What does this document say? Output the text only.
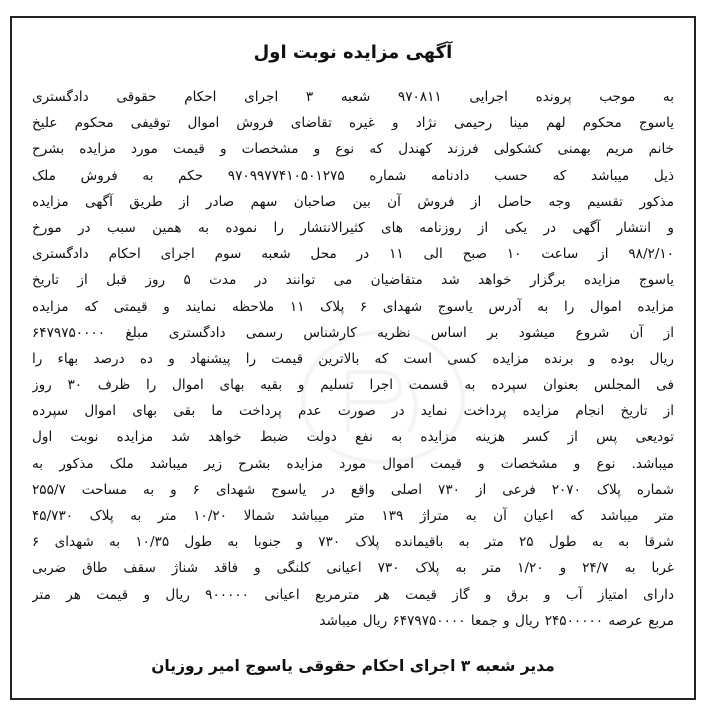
آگهی مزایده نوبت اول
به موجب پرونده اجرایی ۹۷۰۸۱۱ شعبه ۳ اجرای احکام حقوقی دادگستری
یاسوج محکوم لهم مینا رحیمی نژاد و غیره تقاضای فروش اموال توقیفی محکوم علیخ
خانم مریم بهمنی کشکولی فرزند کهندل که نوع و مشخصات و قیمت مورد مزایده بشرح
ذیل میباشد که حسب دادنامه شماره ۹۷۰۹۹۷۷۴۱۰۵۰۱۲۷۵ حکم به فروش ملک
مذکور تقسیم وجه حاصل از فروش آن بین صاحبان سهم صادر از طریق آگهی مزایده
و انتشار آگهی در یکی از روزنامه های کثیرالانتشار را نموده به همین سبب در مورخ
۹۸/۲/۱۰ از ساعت ۱۰ صبح الی ۱۱ در محل شعبه سوم اجرای احکام دادگستری
یاسوج مزایده برگزار خواهد شد متقاضیان می توانند در مدت ۵ روز قبل از تاریخ
مزایده اموال را به آدرس یاسوج شهدای ۶ پلاک ۱۱ ملاحظه نمایند و قیمتی که مزایده
از آن شروع میشود بر اساس نظریه کارشناس رسمی دادگستری مبلغ ۶۴۷۹۷۵۰۰۰۰
ریال بوده و برنده مزایده کسی است که بالاترین قیمت را پیشنهاد و ده درصد بهاء را
فی المجلس بعنوان سپرده به قسمت اجرا تسلیم و بقیه بهای اموال را ظرف ۳۰ روز
از تاریخ انجام مزایده پرداخت نماید در صورت عدم پرداخت ما بقی بهای اموال سپرده
تودیعی پس از کسر هزینه مزایده به نفع دولت ضبط خواهد شد مزایده نوبت اول
میباشد. نوع و مشخصات و قیمت اموال مورد مزایده بشرح زیر میباشد ملک مذکور به
شماره پلاک ۲۰۷۰ فرعی از ۷۳۰ اصلی واقع در یاسوج شهدای ۶ و به مساحت ۲۵۵/۷
متر میباشد که اعیان آن به متراژ ۱۳۹ متر میباشد شمالا ۱۰/۲۰ متر به پلاک ۴۵/۷۳۰
شرقا به به طول ۲۵ متر به باقیمانده پلاک ۷۳۰ و جنوبا به طول ۱۰/۳۵ به شهدای ۶
غربا به ۲۴/۷ و ۱/۲۰ متر به پلاک ۷۳۰ اعیانی کلنگی و فاقد شناژ سقف طاق ضربی
دارای امتیاز آب و برق و گاز قیمت هر مترمربع اعیانی ۹۰۰۰۰۰ ریال و قیمت هر متر
مربع عرصه ۲۴۵۰۰۰۰۰ ریال و جمعا ۶۴۷۹۷۵۰۰۰۰ ریال میباشد
مدیر شعبه ۳ اجرای احکام حقوقی یاسوج امیر روزیان
